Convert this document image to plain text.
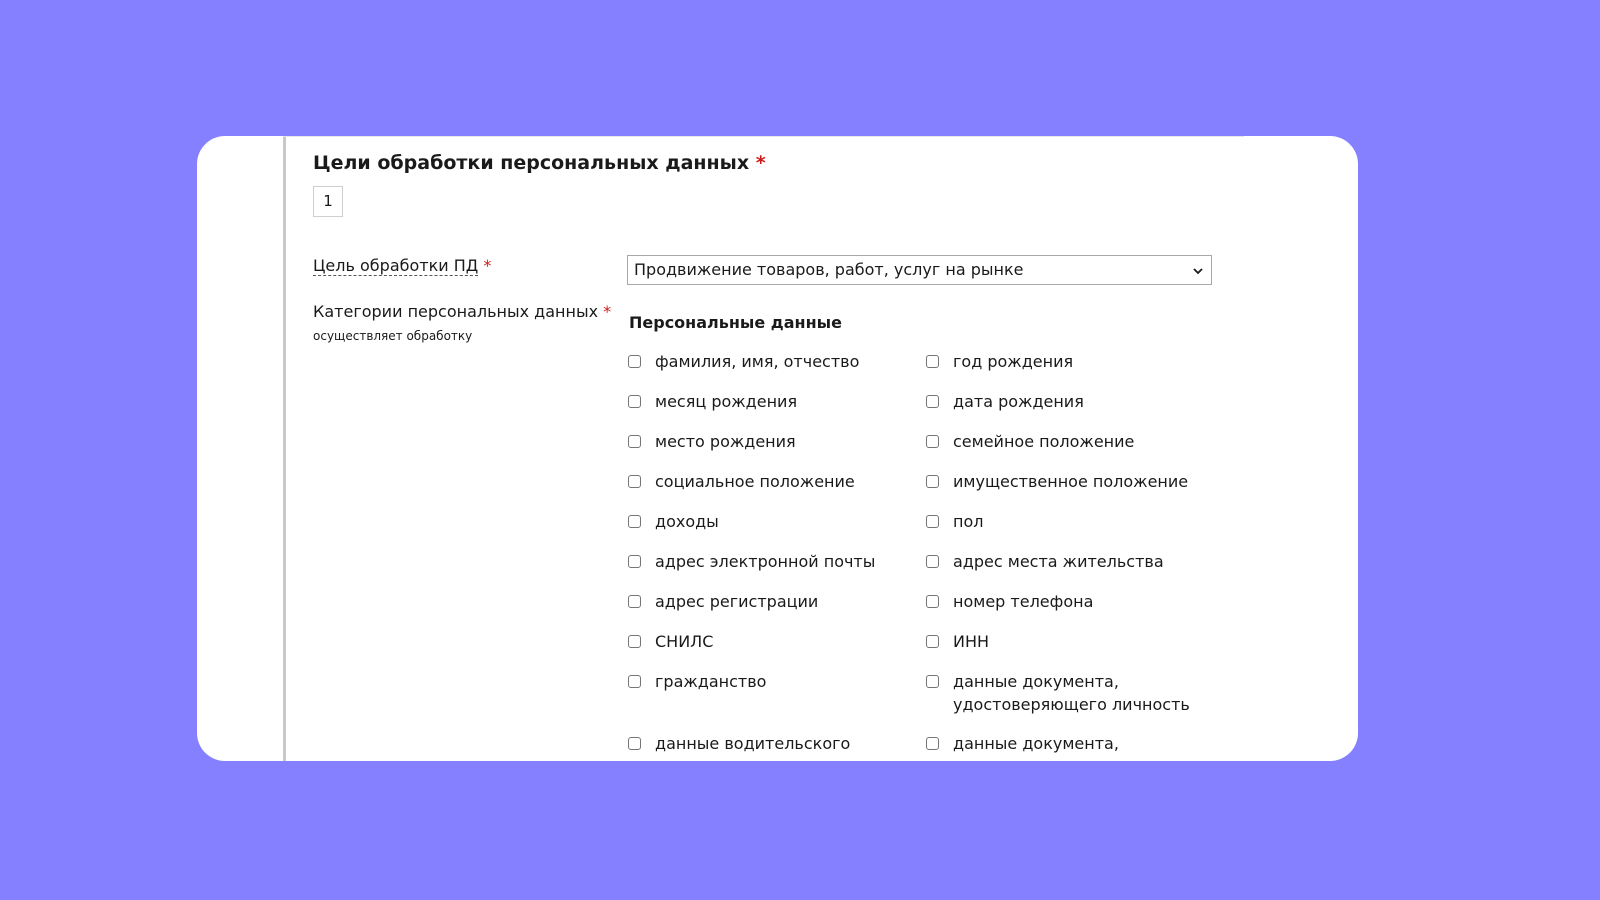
Цели обработки персональных данных *
1
Цель обработки ПД *	Продвижение товаров, работ, услуг на рынке
Категории персональных данных *
осуществляет обработку
Персональные данные
фамилия, имя, отчество	год рождения
месяц рождения	дата рождения
место рождения	семейное положение
социальное положение	имущественное положение
доходы	пол
адрес электронной почты	адрес места жительства
адрес регистрации	номер телефона
СНИЛС	ИНН
гражданство	данные документа,
удостоверяющего личность
данные водительского	данные документа,
